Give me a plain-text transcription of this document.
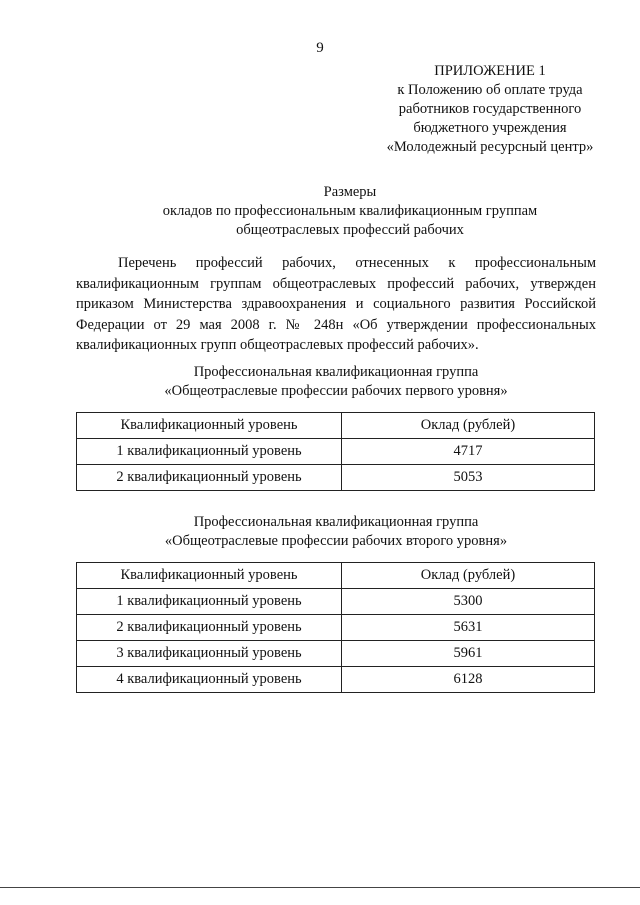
9
ПРИЛОЖЕНИЕ 1
к Положению об оплате труда
работников государственного
бюджетного учреждения
«Молодежный ресурсный центр»
Размеры
окладов по профессиональным квалификационным группам
общеотраслевых профессий рабочих
Перечень профессий рабочих, отнесенных к профессиональным
квалификационным группам общеотраслевых профессий рабочих, утвержден
приказом Министерства здравоохранения и социального развития Российской
Федерации от 29 мая 2008 г. № 248н «Об утверждении профессиональных
квалификационных групп общеотраслевых профессий рабочих».
Профессиональная квалификационная группа
«Общеотраслевые профессии рабочих первого уровня»
Квалификационный уровень	Оклад (рублей)
1 квалификационный уровень	4717
2 квалификационный уровень	5053
Профессиональная квалификационная группа
«Общеотраслевые профессии рабочих второго уровня»
Квалификационный уровень	Оклад (рублей)
1 квалификационный уровень	5300
2 квалификационный уровень	5631
3 квалификационный уровень	5961
4 квалификационный уровень	6128
